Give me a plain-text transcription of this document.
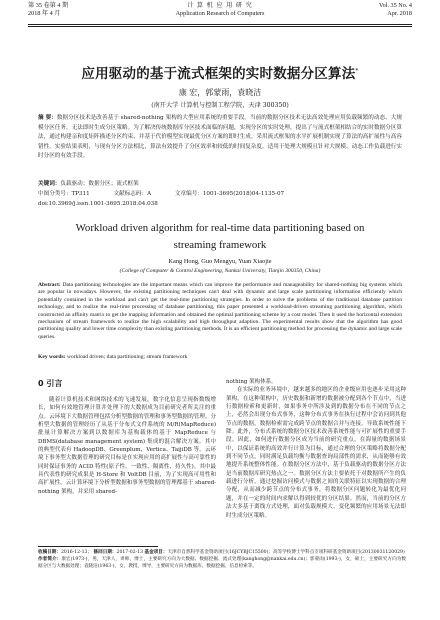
第 35 卷第 4 期
2018 年 4 月
计 算 机 应 用 研 究
Application Research of Computers
Vol. 35 No. 4
Apr. 2018
应用驱动的基于流式框架的实时数据分区算法*
康 宏，郭蒙雨，袁晓洁
(南开大学 计算机与控制工程学院，天津 300350)
摘 要：数据分区技术是改善基于 shared-nothing 架构的大型应用系统的重要手段。当前的数据分区技术无法高效处理应用负载频繁的动态、大规模分区任务，无法即时生成分区策略。为了解决传统数据库分区技术面临的问题，实现分区的实时处理，提出了与流式框架相结合的实时数据分区算法，通过构建亲和度矩阵描述分区约束，并基于代价模型实现最优分区方案的即时生成。采用流式框架的水平扩展机制实现了算法的高扩展性与高容错性。实验结果表明，与现有分区方法相比，算法有效提升了分区效率和较低的时间复杂度，适用于处理大规模且针对大规模、动态工作负载进行实时分区的有效手段。
关键词：负载驱动；数据分区；流式框架
中图分类号：TP311	文献标志码：A	文章编号：1001-3695(2018)04-1135-07
doi:10.3969/j.issn.1001-3695.2018.04.038
Workload driven algorithm for real-time data partitioning based on streaming framework
Kang Hong, Guo Mengyu, Yuan Xiaojie
(College of Computer & Control Engineering, Nankai University, Tianjin 300350, China)
Abstract: Data partitioning technologies are the important means which can improve the performance and manageability for shared-nothing big systems which are popular in nowadays. However, the existing partitioning techniques can't deal with dynamic and large scale partitioning information efficiently which potentially contained in the workload and can't get the real-time partitioning strategies. In order to solve the problems of the traditional database partition technology, and to realize the real-time processing of database partitioning, this paper presented a workload-driven streaming partitioning algorithm, which constructed an affinity matrix to get the mapping information and obtained the optimal partitioning scheme by a cost model. Then it used the horizontal extension mechanism of stream framework to realize the high scalability and high throughput adaption. The experimental results show that the algorithm has good partitioning quality and lower time complexity than existing partitioning methods. It is an efficient partitioning method for processing the dynamic and large scale queries.
Key words: workload driven; data partitioning; stream framework
0 引言

随着计算机技术和网络技术的飞速发展，数字化信息呈现指数级增长，如何有效地管理计算并处理下的大数据成为目前研究者所关注的重点。云环境下大数据管理包括分析型数据的管理和事务型数据的管理。分析型大数据的管理经历了从基于分布式文件系统的 M/R(MapReduce) 批量计算解决方案到以数据库为基构载体的基于 MapReduce 与 DBMS(database management system) 集成的混合解决方案。其中的典型代表有 HadoopDB、Greenplum、Vertica、TaijiDB 等。云环境下事务型大数据管理的研究目标是在实现应用的高扩展性与高可靠性的同时保证事务的 ACID 特性(原子性、一致性、隔离性、持久性)。其中最具代表性的研究成果是 H-Store 和 VoltDB 目前，为了实现高可用性和高扩展性，云计算环境下分析型数据和事务型数据的管理都基于 shared-nothing 架构，并采用 shared-

nothing 架构体系。

在实际的业务环境中，越来越多的地区的企业级应用也逐步采用这种架构。在这种架构中，历史数据和新增的数据被分配到各个节点中，当进行数据检索和更新时，如果事务中所涉及到的数据分布在不同的节点之上，必然会出现分布式事务，这种分布式事务在执行过程中会访问到其他节点的数据，数据检索需完成跨节点的数据合并与连接，导致系统性能下降。此外，分布式系统的数据分区技术改善系统性能与可扩展性的重要手段。因此，如何进行数据分区成为当前的研究重点。在海量的数据场景中，以保证系统的高效并行计算为目标，通过合理的分区策略将数据分配到不同节点，同时满足负载均衡与数据查询局部性的需求，从而能够有效地提升系统整体性能。在数据分区方法中，基于负载驱动的数据分区方法是当前数据库研究热点之一。数据分区方法主要依托于对数据所产生的负载进行分析，通过挖掘访问模式与数据之间的关联特征以实现数据的合理分配，从而减少跨节点的分布式事务，将数据分区问题转化为最优化问题，并在一定的时间内求解以得到较优的分区结果。然而，当前的分区方法大多基于离线方式处理，面对负载规模大、变化频繁的应用场景无法即时生成分区策略。

收稿日期：2016-12-13； 修回日期：2017-02-13 基金项目：天津市自然科学基金资助项目(16JCYBJC15500)；高等学校博士学科点专项科研基金资助项目(20130031120029)
作者简介：康宏(1973-)，男，天津人，讲师，博士，主要研究方向为大数据、数据挖掘、流式处理(kanghong@nankai.edu.cn)；郭蒙雨(1993-)，女，硕士，主要研究方向为数据分区与大数据处理；袁晓洁(1963-)，女，教授，博导，主要研究方向为数据库、数据挖掘、信息检索等。
